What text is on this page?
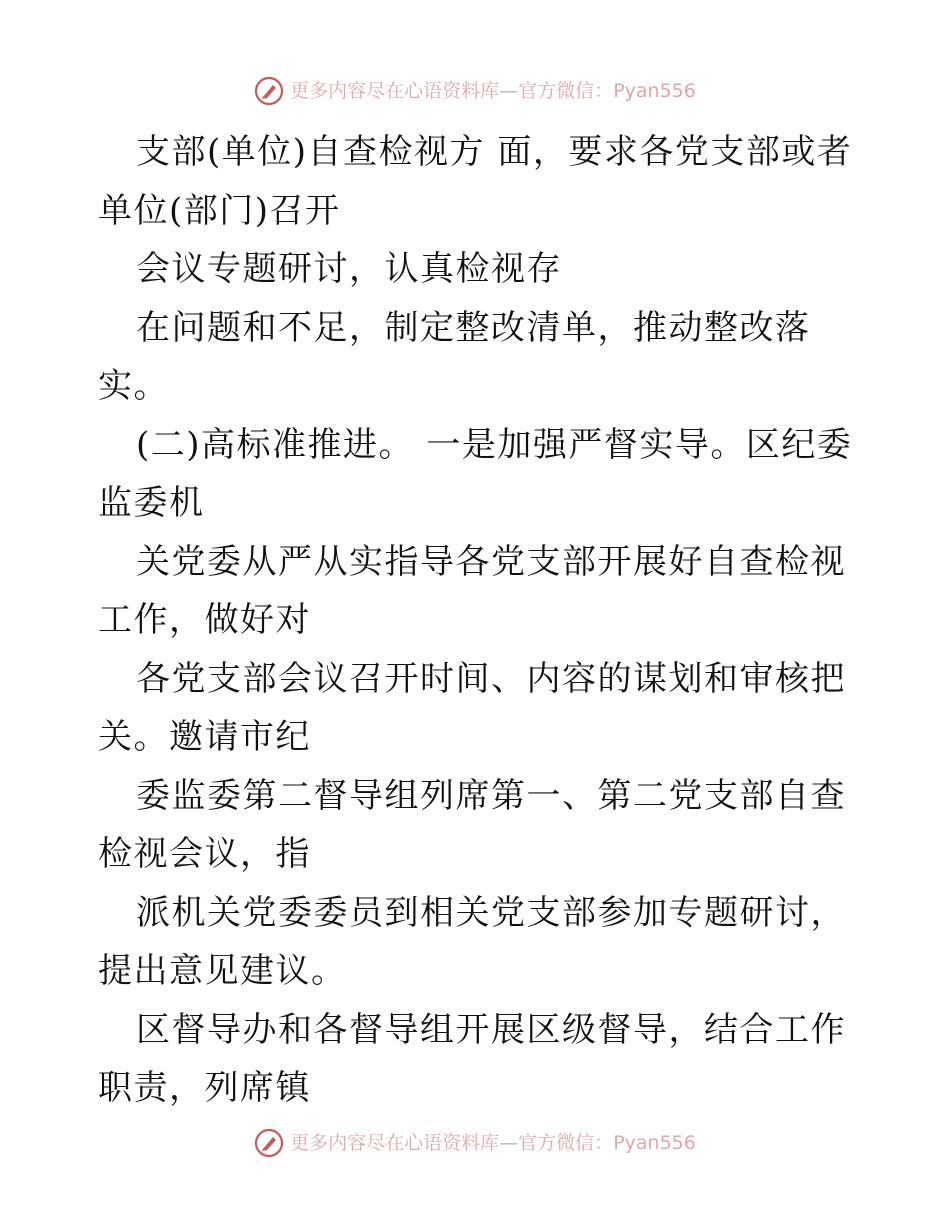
更多内容尽在心语资料库 — 官方微信： Pyan556

支部(单位)自查检视方 面，要求各党支部或者单位(部门)召开

会议专题研讨，认真检视存

在问题和不足，制定整改清单，推动整改落实。

(二)高标准推进。 一是加强严督实导。区纪委监委机

关党委从严从实指导各党支部开展好自查检视工作，做好对

各党支部会议召开时间、内容的谋划和审核把关。邀请市纪

委监委第二督导组列席第一、第二党支部自查检视会议，指

派机关党委委员到相关党支部参加专题研讨，提出意见建议。

区督导办和各督导组开展区级督导，结合工作职责，列席镇

更多内容尽在心语资料库 — 官方微信： Pyan556
